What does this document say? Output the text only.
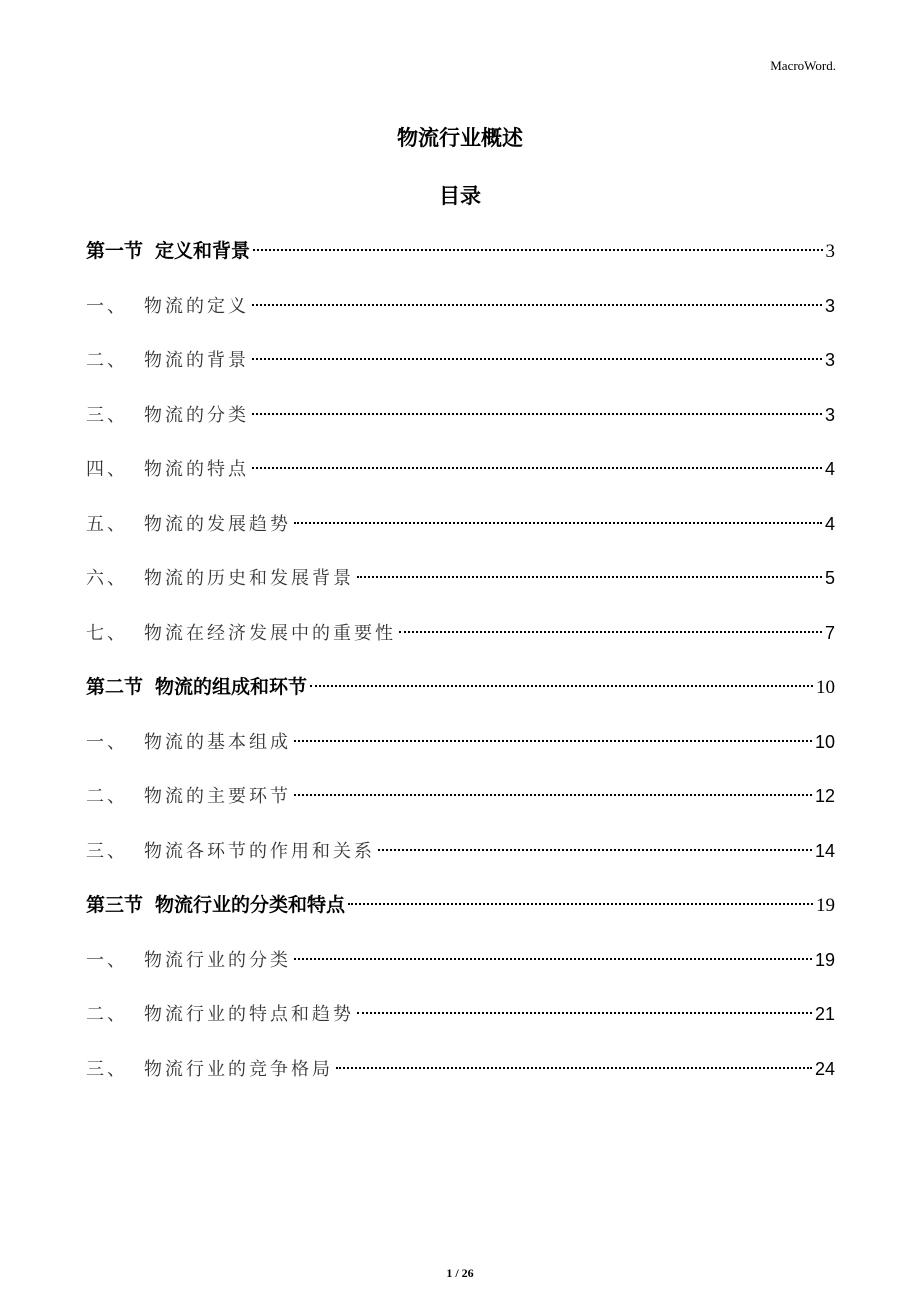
MacroWord.
物流行业概述
目录
第一节 定义和背景	3
一、 物流的定义	3
二、 物流的背景	3
三、 物流的分类	3
四、 物流的特点	4
五、 物流的发展趋势	4
六、 物流的历史和发展背景	5
七、 物流在经济发展中的重要性	7
第二节 物流的组成和环节	10
一、 物流的基本组成	10
二、 物流的主要环节	12
三、 物流各环节的作用和关系	14
第三节 物流行业的分类和特点	19
一、 物流行业的分类	19
二、 物流行业的特点和趋势	21
三、 物流行业的竞争格局	24
1 / 26
